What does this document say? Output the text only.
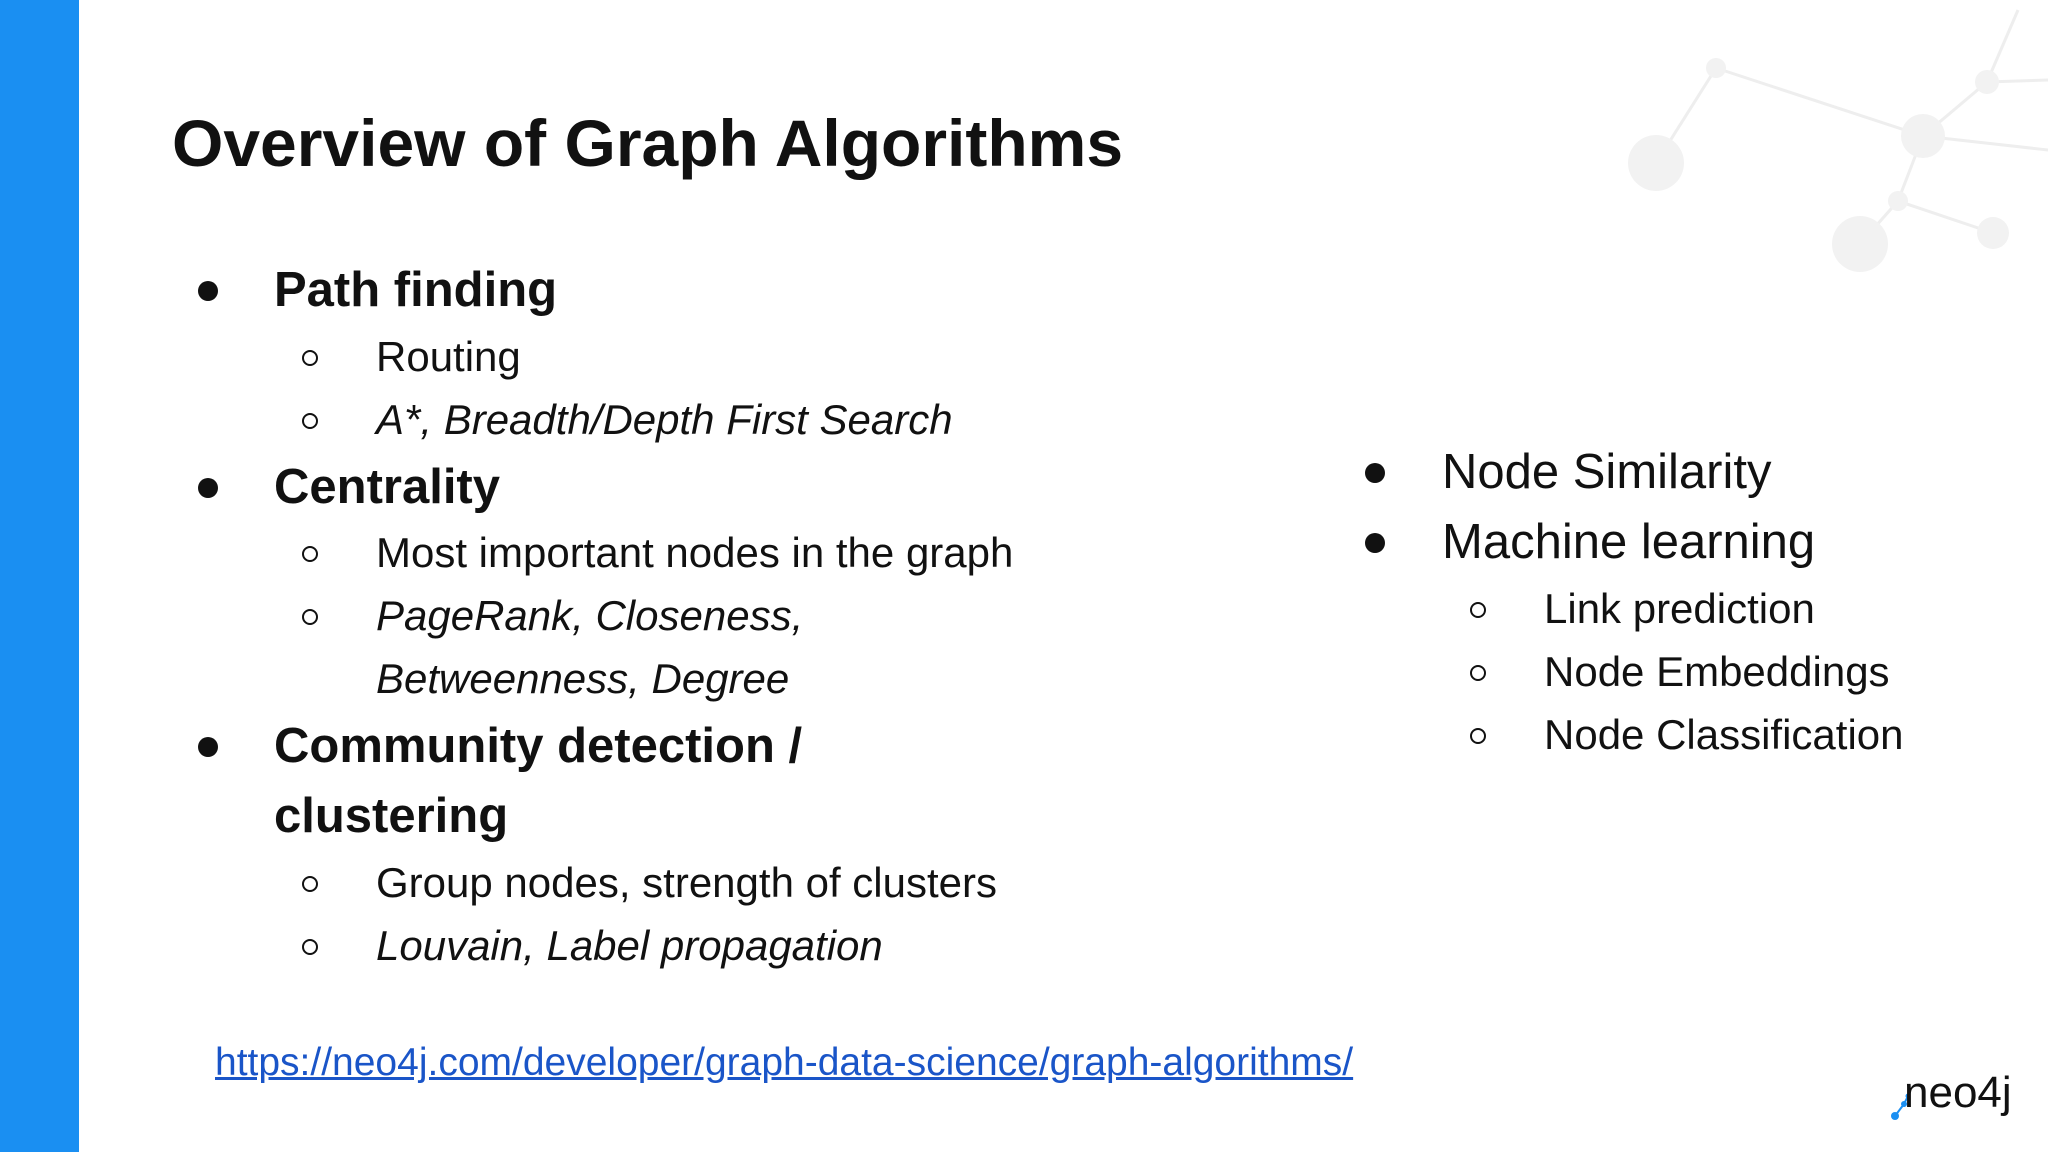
Overview of Graph Algorithms
Path finding
Routing
A*, Breadth/Depth First Search
Centrality
Most important nodes in the graph
PageRank, Closeness,
Betweenness, Degree
Community detection /
clustering
Group nodes, strength of clusters
Louvain, Label propagation
Node Similarity
Machine learning
Link prediction
Node Embeddings
Node Classification
https://neo4j.com/developer/graph-data-science/graph-algorithms/
neo4j
